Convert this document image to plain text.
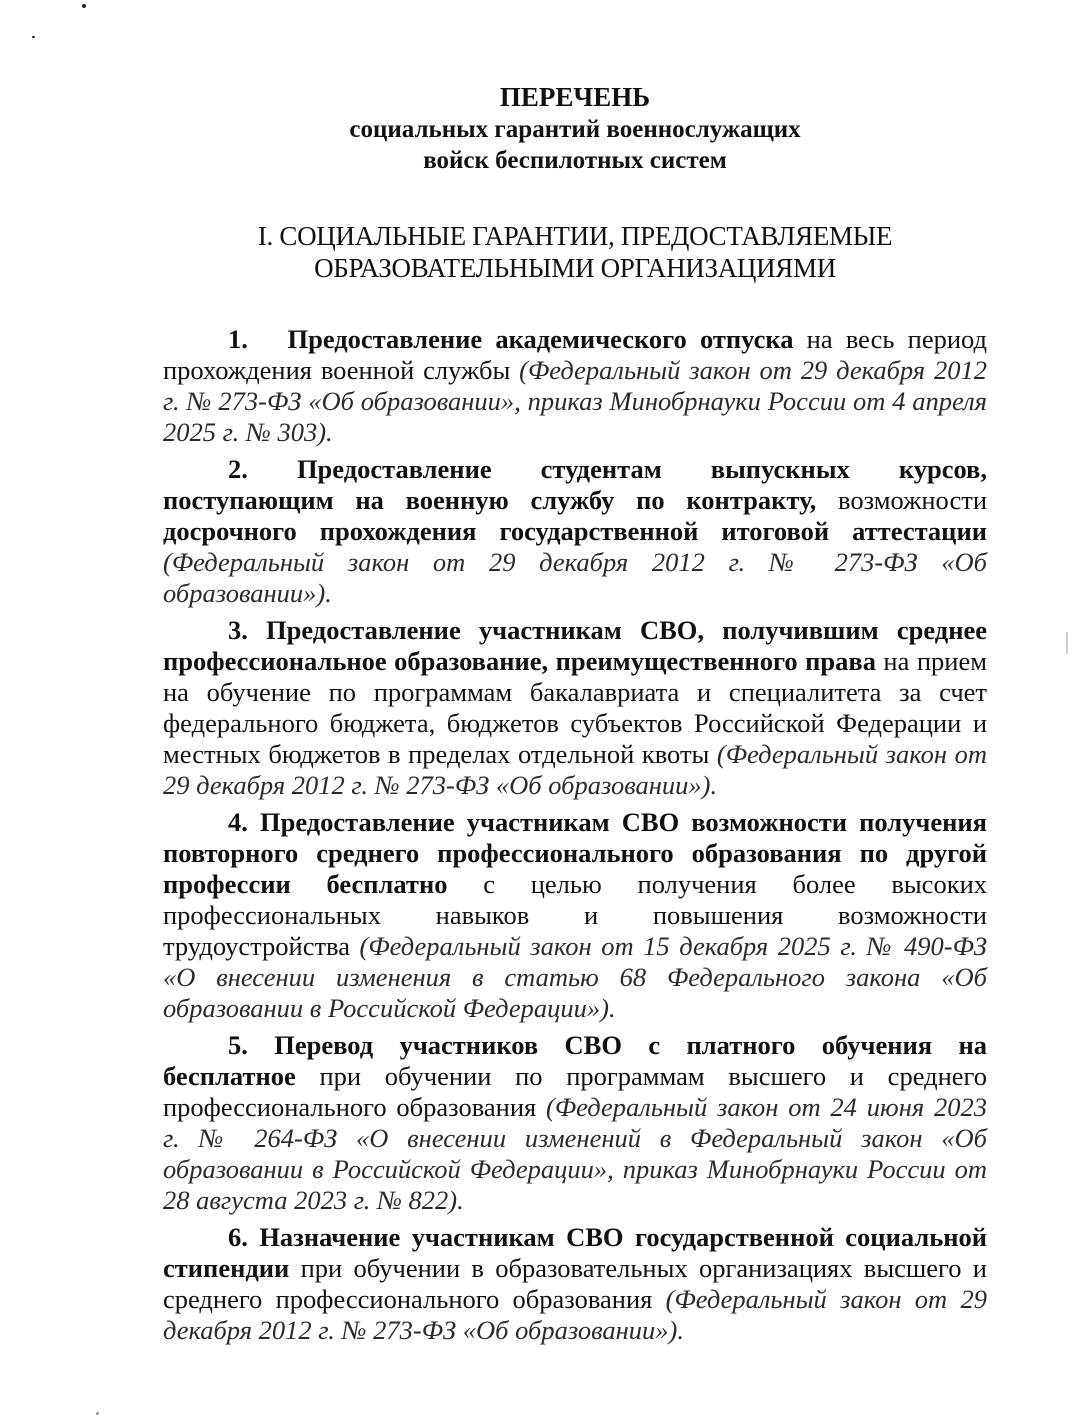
ПЕРЕЧЕНЬ

социальных гарантий военнослужащих

войск беспилотных систем

I. СОЦИАЛЬНЫЕ ГАРАНТИИ, ПРЕДОСТАВЛЯЕМЫЕ
ОБРАЗОВАТЕЛЬНЫМИ ОРГАНИЗАЦИЯМИ

1. Предоставление академического отпуска на весь период прохождения военной службы (Федеральный закон от 29 декабря 2012 г. № 273-ФЗ «Об образовании», приказ Минобрнауки России от 4 апреля 2025 г. № 303).

2. Предоставление студентам выпускных курсов, поступающим на военную службу по контракту, возможности досрочного прохождения государственной итоговой аттестации (Федеральный закон от 29 декабря 2012 г. № 273-ФЗ «Об образовании»).

3. Предоставление участникам СВО, получившим среднее профессиональное образование, преимущественного права на прием на обучение по программам бакалавриата и специалитета за счет федерального бюджета, бюджетов субъектов Российской Федерации и местных бюджетов в пределах отдельной квоты (Федеральный закон от 29 декабря 2012 г. № 273-ФЗ «Об образовании»).

4. Предоставление участникам СВО возможности получения повторного среднего профессионального образования по другой профессии бесплатно с целью получения более высоких профессиональных навыков и повышения возможности трудоустройства (Федеральный закон от 15 декабря 2025 г. № 490-ФЗ «О внесении изменения в статью 68 Федерального закона «Об образовании в Российской Федерации»).

5. Перевод участников СВО с платного обучения на бесплатное при обучении по программам высшего и среднего профессионального образования (Федеральный закон от 24 июня 2023 г. № 264-ФЗ «О внесении изменений в Федеральный закон «Об образовании в Российской Федерации», приказ Минобрнауки России от 28 августа 2023 г. № 822).

6. Назначение участникам СВО государственной социальной стипендии при обучении в образовательных организациях высшего и среднего профессионального образования (Федеральный закон от 29 декабря 2012 г. № 273-ФЗ «Об образовании»).
